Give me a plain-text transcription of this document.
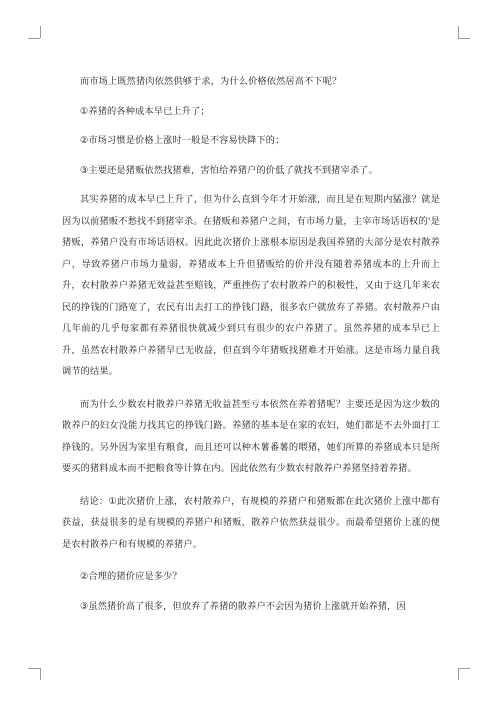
而市场上既然猪肉依然供够于求，为什么价格依然居高不下呢？

①养猪的各种成本早已上升了；

②市场习惯是价格上涨时一般是不容易快降下的；

③主要还是猪贩依然找猪难，害怕给养猪户的价低了就找不到猪宰杀了。

其实养猪的成本早已上升了，但为什么直到今年才开始涨，而且是在短期内猛涨？就是因为以前猪贩不愁找不到猪宰杀。在猪贩和养猪户之间，有市场力量，主宰市场话语权的'是猪贩，养猪户没有市场话语权。因此此次猪价上涨根本原因是我国养猪的大部分是农村散养户，导致养猪户市场力量弱，养猪成本上升但猪贩给的价并没有随着养猪成本的上升而上升，农村散养户养猪无效益甚至赔钱，严重挫伤了农村散养户的积极性，又由于这几年来农民的挣钱的门路宽了，农民有出去打工的挣钱门路，很多农户就放弃了养猪。农村散养户由几年前的几乎每家都有养猪很快就减少到只有很少的农户养猪了。虽然养猪的成本早已上升，虽然农村散养户养猪早已无收益，但直到今年猪贩找猪难才开始涨。这是市场力量自我调节的结果。

而为什么少数农村散养户养猪无收益甚至亏本依然在养着猪呢？主要还是因为这少数的散养户的妇女没能力找其它的挣钱门路。养猪的基本是在家的农妇，她们都是不去外面打工挣钱的。另外因为家里有粮食，而且还可以种木薯番薯的喂猪，她们所算的养猪成本只是所要买的猪料成本而不把粮食等计算在内。因此依然有少数农村散养户养猪坚持着养猪。

结论：①此次猪价上涨，农村散养户，有规模的养猪户和猪贩都在此次猪价上涨中都有获益，获益很多的是有规模的养猪户和猪贩，散养户依然获益很少。而最希望猪价上涨的便是农村散养户和有规模的养猪户。

②合理的猪价应是多少？

③虽然猪价高了很多，但放弃了养猪的散养户不会因为猪价上涨就开始养猪，因
